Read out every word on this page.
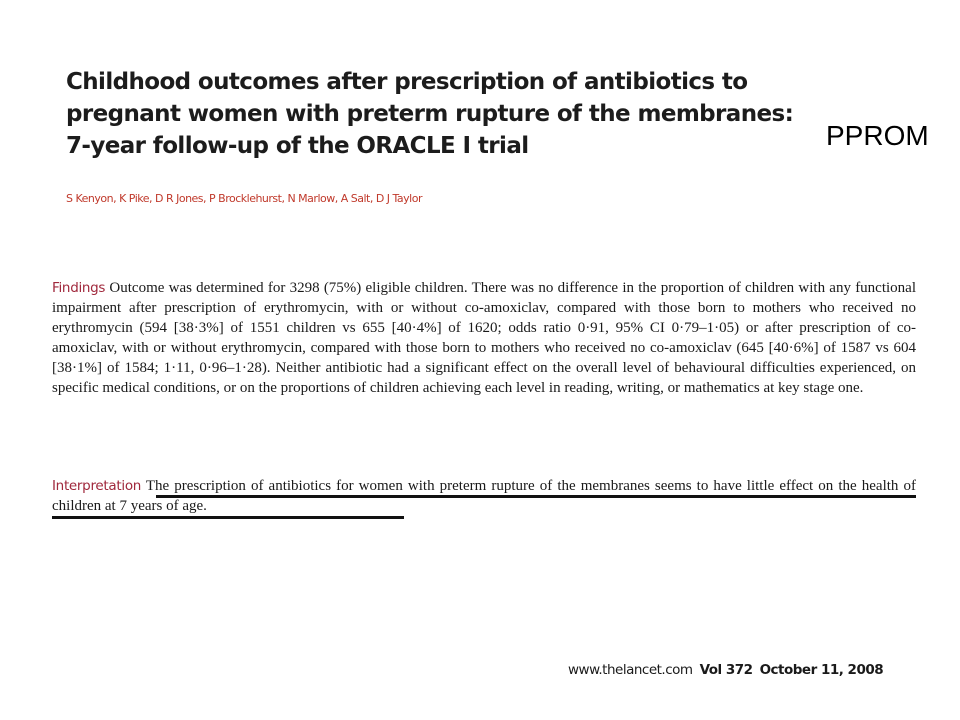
Childhood outcomes after prescription of antibiotics to pregnant women with preterm rupture of the membranes: 7-year follow-up of the ORACLE I trial	PPROM
S Kenyon, K Pike, D R Jones, P Brocklehurst, N Marlow, A Salt, D J Taylor

Findings Outcome was determined for 3298 (75%) eligible children. There was no difference in the proportion of children with any functional impairment after prescription of erythromycin, with or without co-amoxiclav, compared with those born to mothers who received no erythromycin (594 [38·3%] of 1551 children vs 655 [40·4%] of 1620; odds ratio 0·91, 95% CI 0·79–1·05) or after prescription of co-amoxiclav, with or without erythromycin, compared with those born to mothers who received no co-amoxiclav (645 [40·6%] of 1587 vs 604 [38·1%] of 1584; 1·11, 0·96–1·28). Neither antibiotic had a significant effect on the overall level of behavioural difficulties experienced, on specific medical conditions, or on the proportions of children achieving each level in reading, writing, or mathematics at key stage one.

Interpretation The prescription of antibiotics for women with preterm rupture of the membranes seems to have little effect on the health of children at 7 years of age.

www.thelancet.com Vol 372 October 11, 2008
